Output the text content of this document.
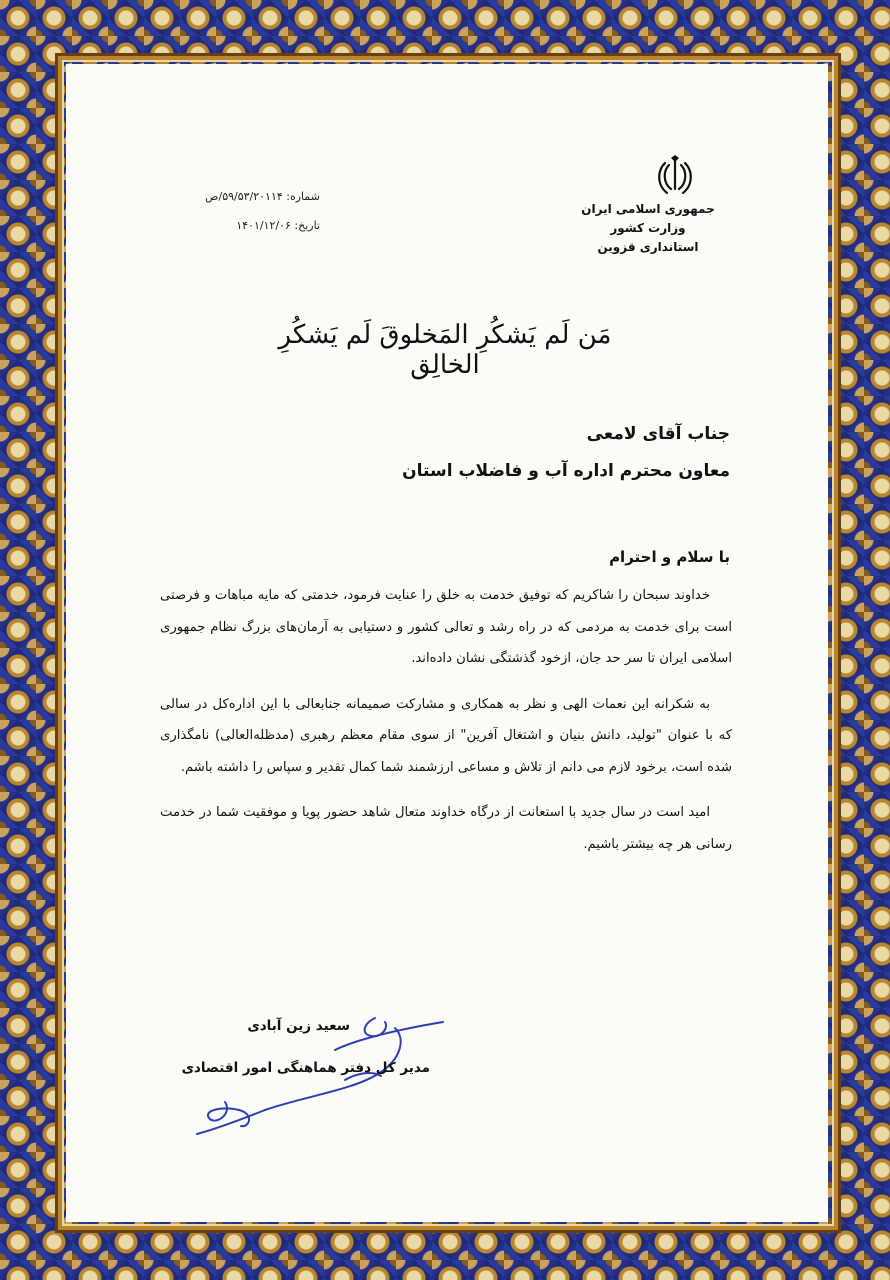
جمهوری اسلامی ایران
وزارت کشور
استانداری قزوین
شماره: ۵۹/۵۳/۲۰۱۱۴/ص
تاریخ: ۱۴۰۱/۱۲/۰۶
مَن لَم یَشکُرِ المَخلوقَ لَم یَشکُرِ الخالِق
جناب آقای لامعی
معاون محترم اداره آب و فاضلاب استان
با سلام و احترام

خداوند سبحان را شاکریم که توفیق خدمت به خلق را عنایت فرمود، خدمتی که مایه مباهات و فرصتی است برای خدمت به مردمی که در راه رشد و تعالی کشور و دستیابی به آرمان‌های بزرگ نظام جمهوری اسلامی ایران تا سر حد جان، ازخود گذشتگی نشان داده‌اند.

به شکرانه این نعمات الهی و نظر به همکاری و مشارکت صمیمانه جنابعالی با این اداره‌کل در سالی که با عنوان "تولید، دانش بنیان و اشتغال آفرین" از سوی مقام معظم رهبری (مدظله‌العالی) نامگذاری شده است، برخود لازم می دانم از تلاش و مساعی ارزشمند شما کمال تقدیر و سپاس را داشته باشم.

امید است در سال جدید با استعانت از درگاه خداوند متعال شاهد حضور پویا و موفقیت شما در خدمت رسانی هر چه بیشتر باشیم.

سعید زین آبادی
مدیر کل دفتر هماهنگی امور اقتصادی
